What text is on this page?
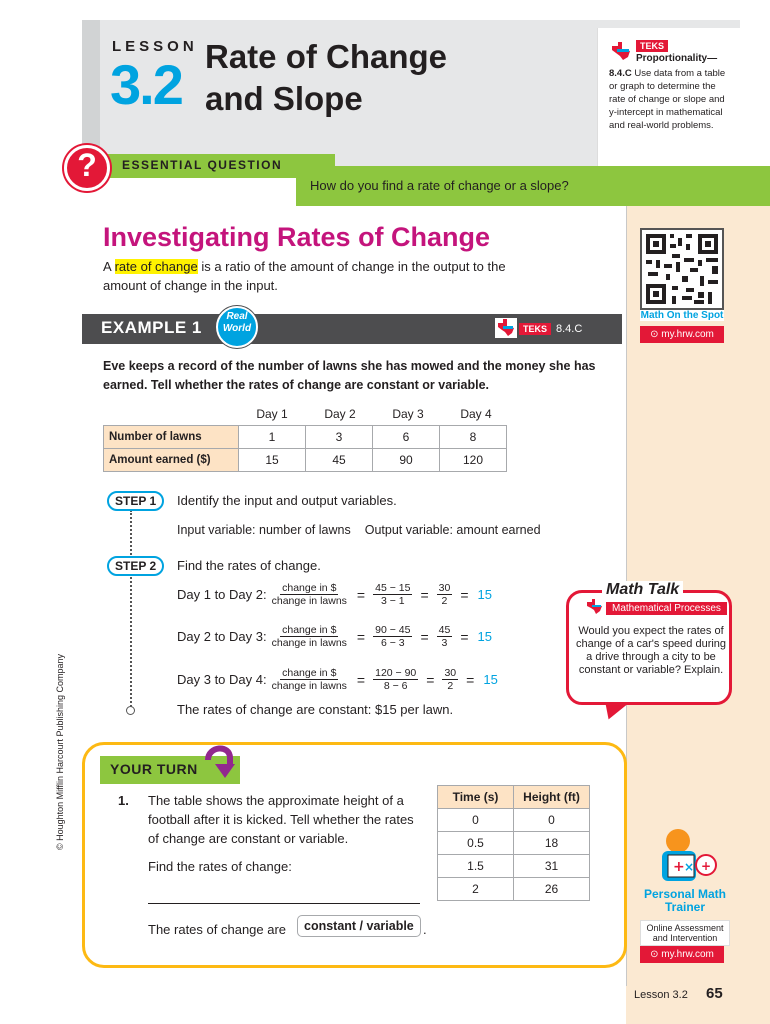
LESSON
3.2 Rate of Change and Slope
TEKS
Proportionality—
8.4.C Use data from a table or graph to determine the rate of change or slope and y-intercept in mathematical and real-world problems.
ESSENTIAL QUESTION
How do you find a rate of change or a slope?
?
Math On the Spot
⊙ my.hrw.com
Investigating Rates of Change
A rate of change is a ratio of the amount of change in the output to the amount of change in the input.
EXAMPLE 1
Real
World	TEKS 8.4.C
Eve keeps a record of the number of lawns she has mowed and the money she has earned. Tell whether the rates of change are constant or variable.
Day 1	Day 2	Day 3	Day 4
Number of lawns	1	3	6	8
Amount earned ($)	15	45	90	120
STEP 1	Identify the input and output variables.
Input variable: number of lawns Output variable: amount earned
STEP 2	Find the rates of change.
Day 1 to Day 2: $\frac{\text{change in \$}}{\text{change in lawns}} = \frac{45 - 15}{3 - 1} = \frac{30}{2} = 15$
Day 2 to Day 3: $\frac{\text{change in \$}}{\text{change in lawns}} = \frac{90 - 45}{6 - 3} = \frac{45}{3} = 15$
Day 3 to Day 4: $\frac{\text{change in \$}}{\text{change in lawns}} = \frac{120 - 90}{8 - 6} = \frac{30}{2} = 15$
The rates of change are constant: $15 per lawn.
© Houghton Mifflin Harcourt Publishing Company
Math Talk
Mathematical Processes
Would you expect the rates of change of a car's speed during a drive through a city to be constant or variable? Explain.
YOUR TURN
1. The table shows the approximate height of a football after it is kicked. Tell whether the rates of change are constant or variable.
Find the rates of change:
The rates of change are	constant / variable .
Time (s)	Height (ft)
0	0
0.5	18
1.5	31
2	26
+ × +
Personal Math Trainer
Online Assessment and Intervention
⊙ my.hrw.com
Lesson 3.2 65
